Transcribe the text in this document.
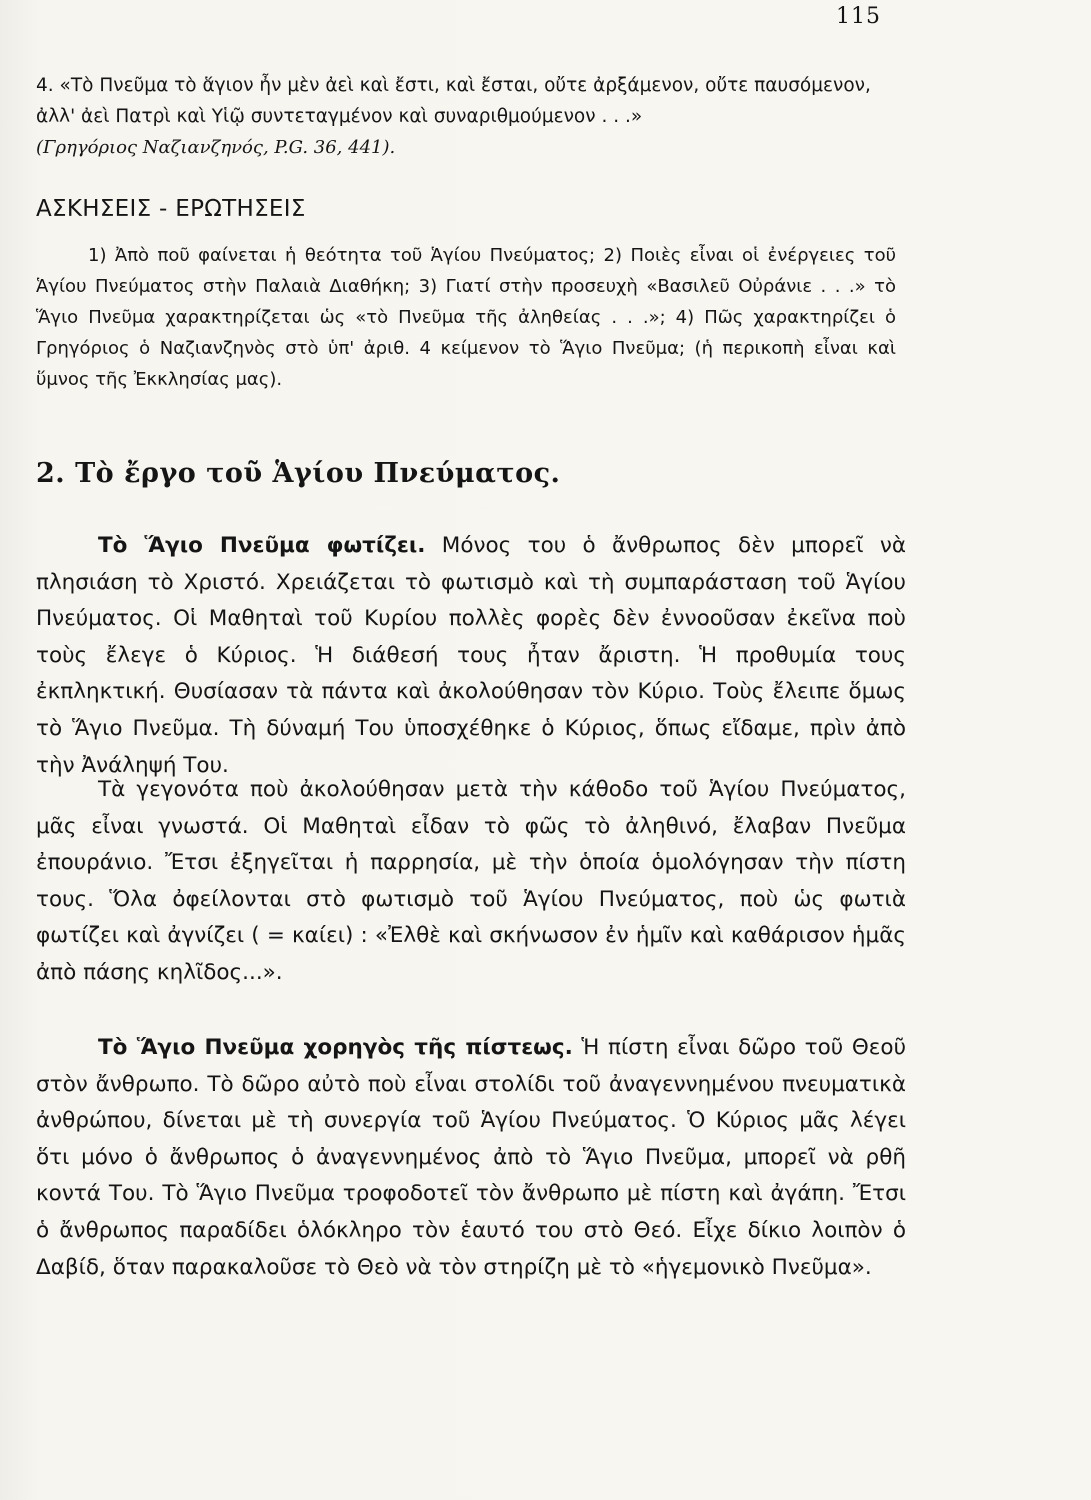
115

4. «Τὸ Πνεῦμα τὸ ἅγιον ἦν μὲν ἀεὶ καὶ ἔστι, καὶ ἔσται, οὔτε ἀρξάμενον, οὔτε παυσόμενον, ἀλλ' ἀεὶ Πατρὶ καὶ Υἱῷ συντεταγμένον καὶ συναριθμούμενον . . .»
(Γρηγόριος Ναζιανζηνός, P.G. 36, 441).

ΑΣΚΗΣΕΙΣ - ΕΡΩΤΗΣΕΙΣ

1) Ἀπὸ ποῦ φαίνεται ἡ θεότητα τοῦ Ἁγίου Πνεύματος; 2) Ποιὲς εἶναι οἱ ἐνέργειες τοῦ Ἁγίου Πνεύματος στὴν Παλαιὰ Διαθήκη; 3) Γιατί στὴν προσευχὴ «Βασιλεῦ Οὐράνιε . . .» τὸ Ἅγιο Πνεῦμα χαρακτηρίζεται ὡς «τὸ Πνεῦμα τῆς ἀληθείας . . .»; 4) Πῶς χαρακτηρίζει ὁ Γρηγόριος ὁ Ναζιανζηνὸς στὸ ὑπ' ἀριθ. 4 κείμενον τὸ Ἅγιο Πνεῦμα; (ἡ περικοπὴ εἶναι καὶ ὕμνος τῆς Ἐκκλησίας μας).

2. Τὸ ἔργο τοῦ Ἁγίου Πνεύματος.

Τὸ Ἅγιο Πνεῦμα φωτίζει. Μόνος του ὁ ἄνθρωπος δὲν μπορεῖ νὰ πλησιάση τὸ Χριστό. Χρειάζεται τὸ φωτισμὸ καὶ τὴ συμπαράσταση τοῦ Ἁγίου Πνεύματος. Οἱ Μαθηταὶ τοῦ Κυρίου πολλὲς φορὲς δὲν ἐννοοῦσαν ἐκεῖνα ποὺ τοὺς ἔλεγε ὁ Κύριος. Ἡ διάθεσή τους ἦταν ἄριστη. Ἡ προθυμία τους ἐκπληκτική. Θυσίασαν τὰ πάντα καὶ ἀκολούθησαν τὸν Κύριο. Τοὺς ἔλειπε ὅμως τὸ Ἅγιο Πνεῦμα. Τὴ δύναμή Του ὑποσχέθηκε ὁ Κύριος, ὅπως εἴδαμε, πρὶν ἀπὸ τὴν Ἀνάληψή Του.

Τὰ γεγονότα ποὺ ἀκολούθησαν μετὰ τὴν κάθοδο τοῦ Ἁγίου Πνεύματος, μᾶς εἶναι γνωστά. Οἱ Μαθηταὶ εἶδαν τὸ φῶς τὸ ἀληθινό, ἔλαβαν Πνεῦμα ἐπουράνιο. Ἔτσι ἐξηγεῖται ἡ παρρησία, μὲ τὴν ὁποία ὁμολόγησαν τὴν πίστη τους. Ὅλα ὀφείλονται στὸ φωτισμὸ τοῦ Ἁγίου Πνεύματος, ποὺ ὡς φωτιὰ φωτίζει καὶ ἀγνίζει ( = καίει) : «Ἐλθὲ καὶ σκήνωσον ἐν ἡμῖν καὶ καθάρισον ἡμᾶς ἀπὸ πάσης κηλῖδος...».

Τὸ Ἅγιο Πνεῦμα χορηγὸς τῆς πίστεως. Ἡ πίστη εἶναι δῶρο τοῦ Θεοῦ στὸν ἄνθρωπο. Τὸ δῶρο αὐτὸ ποὺ εἶναι στολίδι τοῦ ἀναγεννημένου πνευματικὰ ἀνθρώπου, δίνεται μὲ τὴ συνεργία τοῦ Ἁγίου Πνεύματος. Ὁ Κύριος μᾶς λέγει ὅτι μόνο ὁ ἄνθρωπος ὁ ἀναγεννημένος ἀπὸ τὸ Ἅγιο Πνεῦμα, μπορεῖ νὰ ρθῆ κοντά Του. Τὸ Ἅγιο Πνεῦμα τροφοδοτεῖ τὸν ἄνθρωπο μὲ πίστη καὶ ἀγάπη. Ἔτσι ὁ ἄνθρωπος παραδίδει ὁλόκληρο τὸν ἑαυτό του στὸ Θεό. Εἶχε δίκιο λοιπὸν ὁ Δαβίδ, ὅταν παρακαλοῦσε τὸ Θεὸ νὰ τὸν στηρίζη μὲ τὸ «ἡγεμονικὸ Πνεῦμα».
